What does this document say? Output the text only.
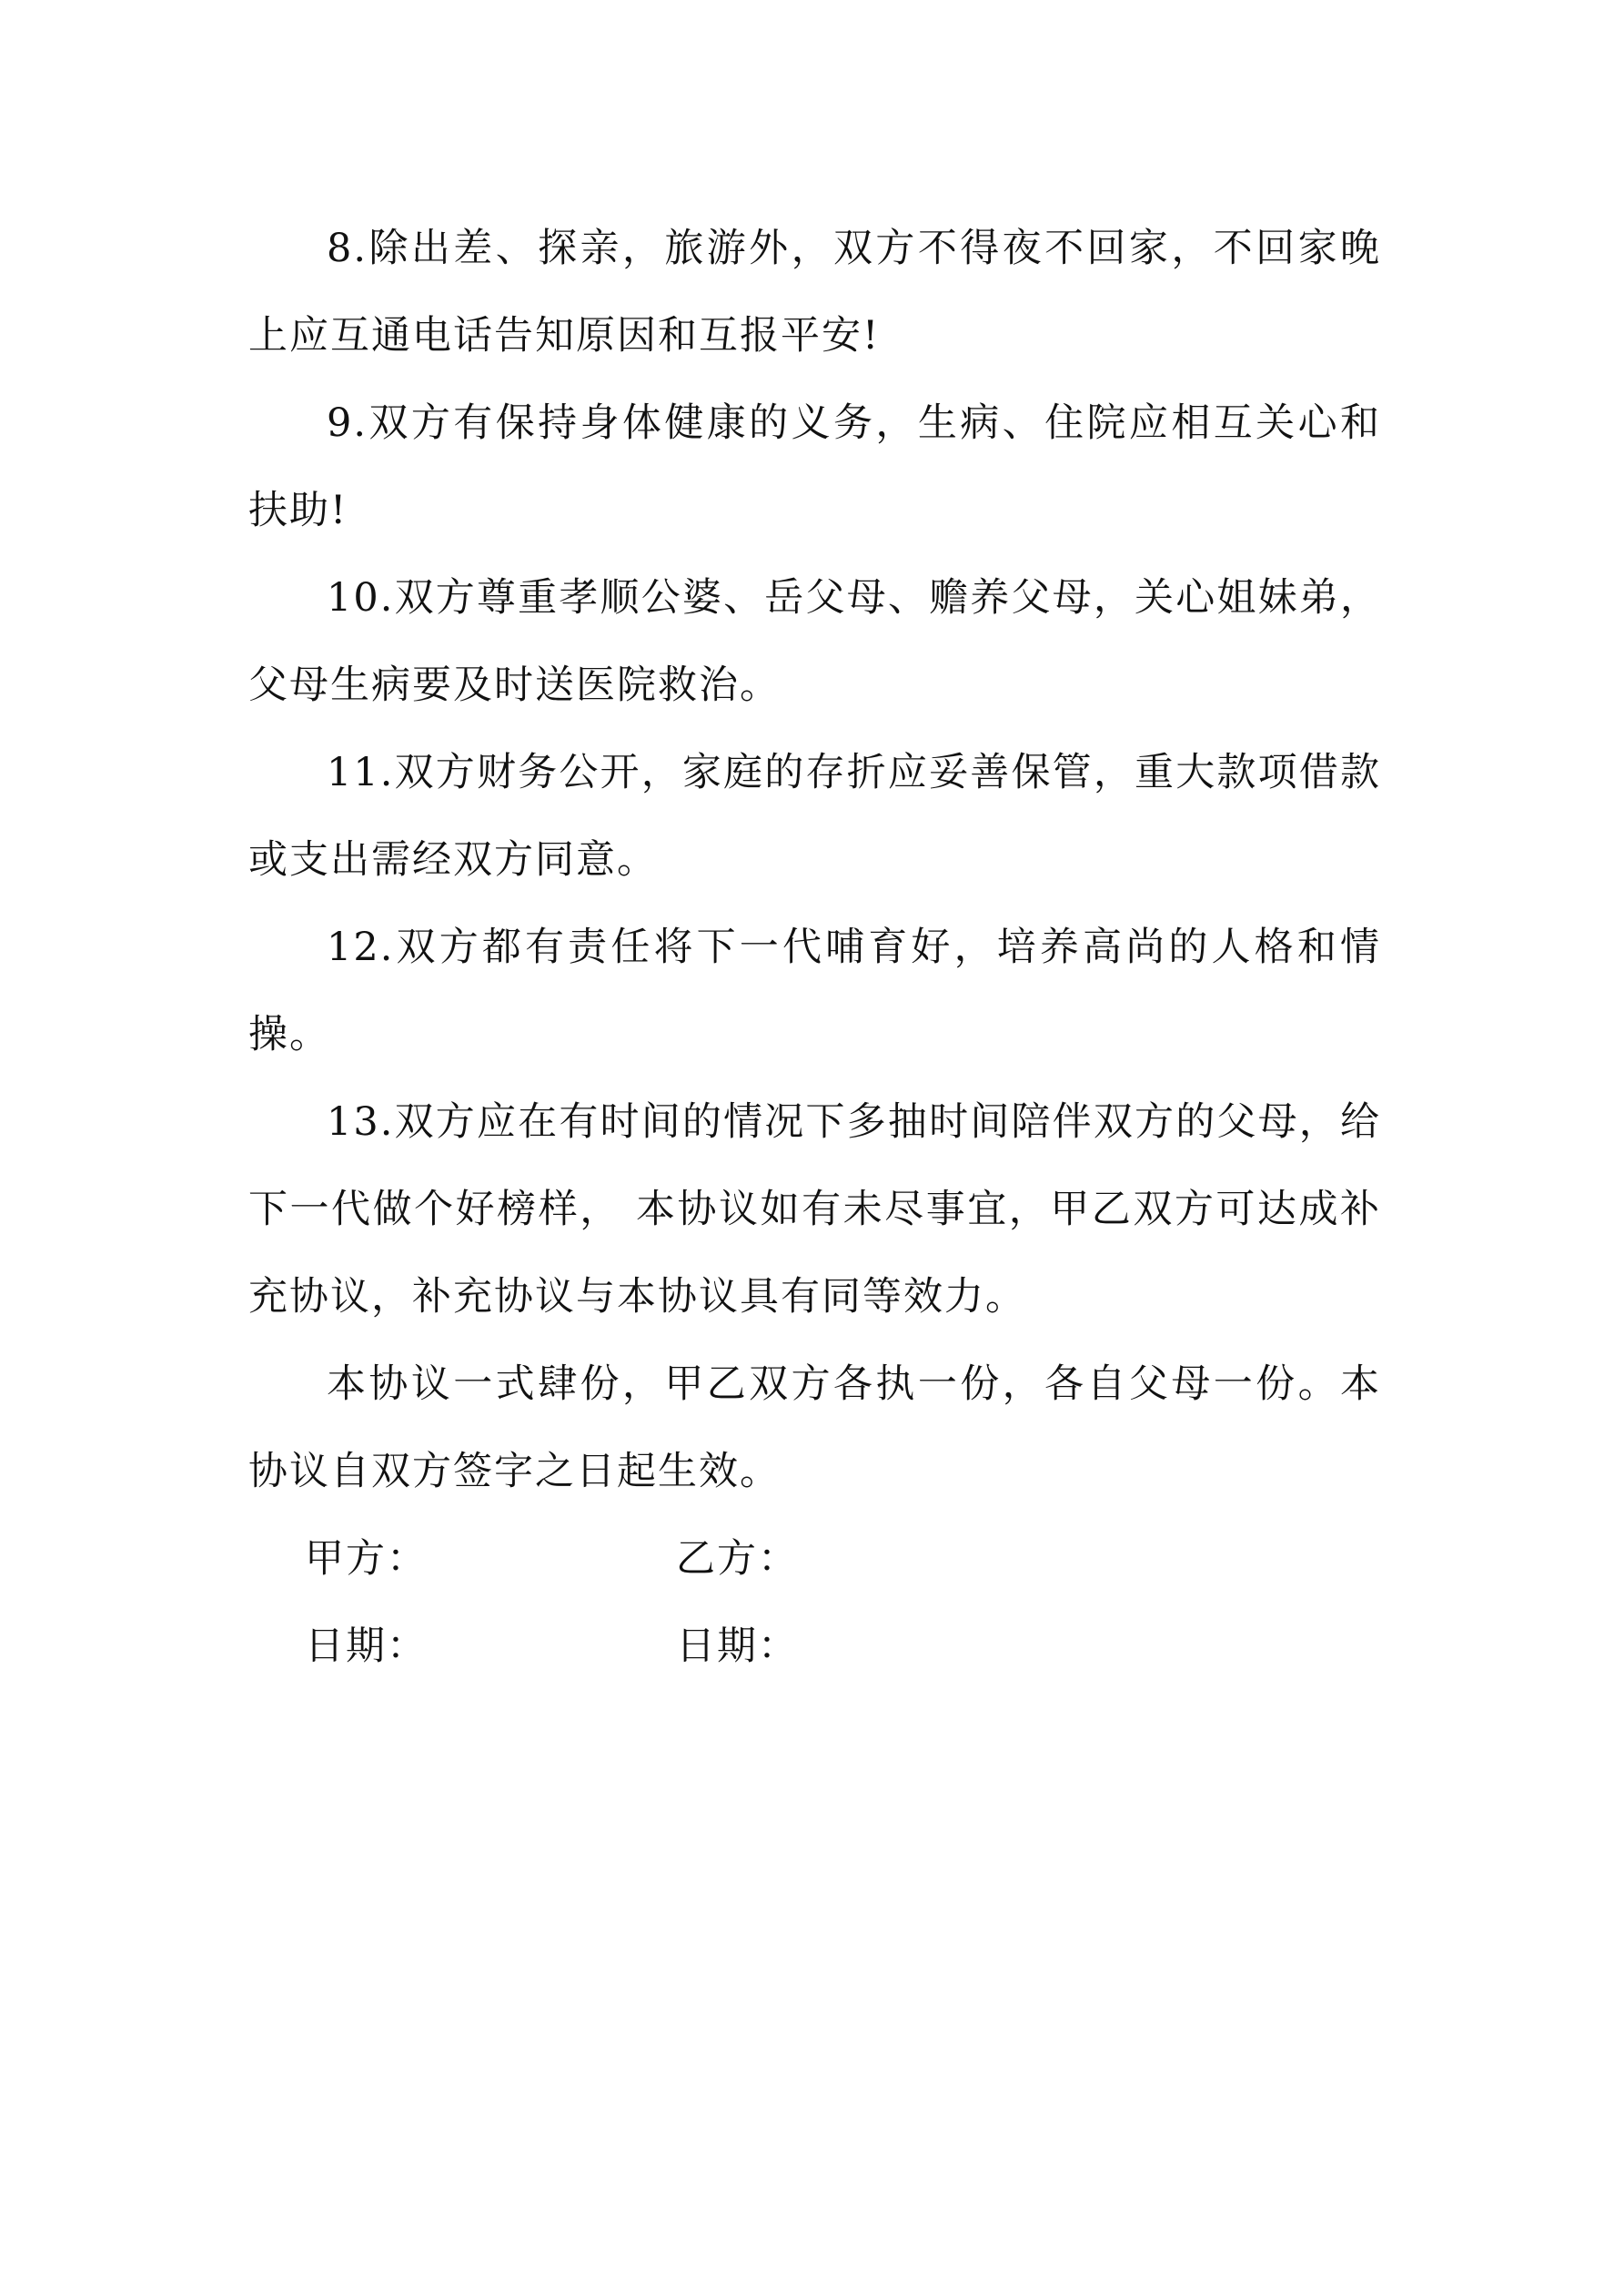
8.除出差、探亲，旅游外，双方不得夜不回家，不回家晚上应互通电话告知原因和互报平安!

9.双方有保持身体健康的义务，生病、住院应相互关心和扶助!

10.双方尊重孝顺公婆、岳父母、赡养父母，关心姐妹弟，父母生病要及时送医院救治。

11.双方财务公开，家庭的存折应妥善保管，重大款项借款或支出需经双方同意。

12.双方都有责任将下一代哺育好，培养高尚的人格和情操。

13.双方应在有时间的情况下多抽时间陪伴双方的父母，给下一代做个好榜样， 本协议如有未尽事宜，甲乙双方可达成补充协议，补充协议与本协议具有同等效力。

本协议一式肆份，甲乙双方各执一份，各自父母一份。本协议自双方签字之日起生效。

甲方：	乙方：
日期：	日期：
